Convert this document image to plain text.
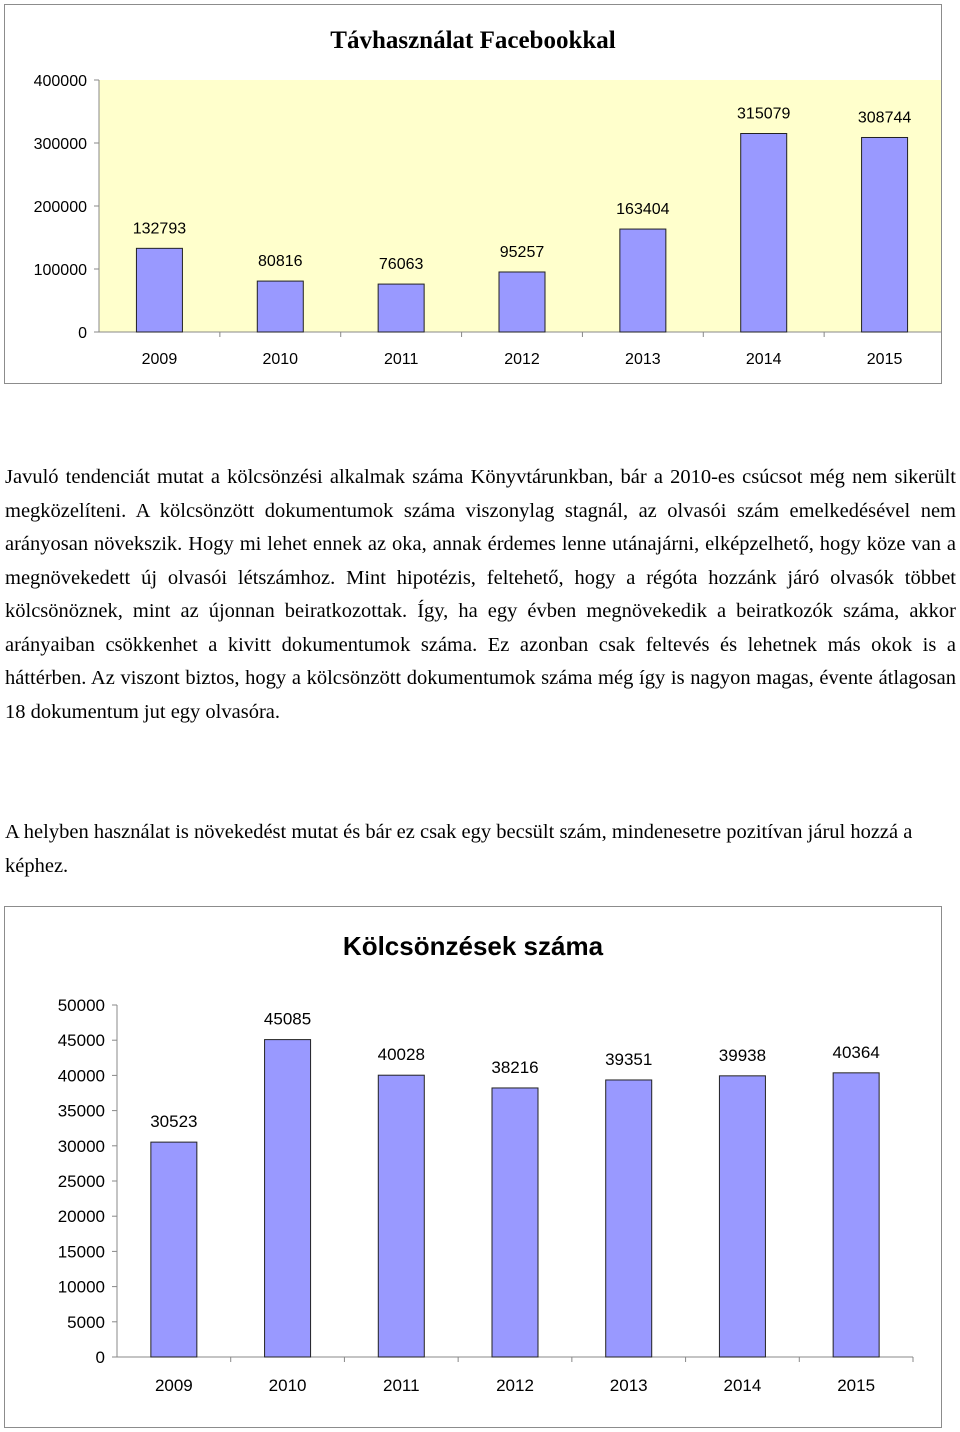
Távhasználat Facebookkal
0
100000
200000
300000
400000
2009
132793
2010
80816
2011
76063
2012
95257
2013
163404
2014
315079
2015
308744

Javuló tendenciát mutat a kölcsönzési alkalmak száma Könyvtárunkban, bár a 2010-es csúcsot még nem sikerült megközelíteni. A kölcsönzött dokumentumok száma viszonylag stagnál, az olvasói szám emelkedésével nem arányosan növekszik. Hogy mi lehet ennek az oka, annak érdemes lenne utánajárni, elképzelhető, hogy köze van a megnövekedett új olvasói létszámhoz. Mint hipotézis, feltehető, hogy a régóta hozzánk járó olvasók többet kölcsönöznek, mint az újonnan beiratkozottak. Így, ha egy évben megnövekedik a beiratkozók száma, akkor arányaiban csökkenhet a kivitt dokumentumok száma. Ez azonban csak feltevés és lehetnek más okok is a háttérben. Az viszont biztos, hogy a kölcsönzött dokumentumok száma még így is nagyon magas, évente átlagosan 18 dokumentum jut egy olvasóra.

A helyben használat is növekedést mutat és bár ez csak egy becsült szám, mindenesetre pozitívan járul hozzá a képhez.

Kölcsönzések száma
0
5000
10000
15000
20000
25000
30000
35000
40000
45000
50000
2009
30523
2010
45085
2011
40028
2012
38216
2013
39351
2014
39938
2015
40364
